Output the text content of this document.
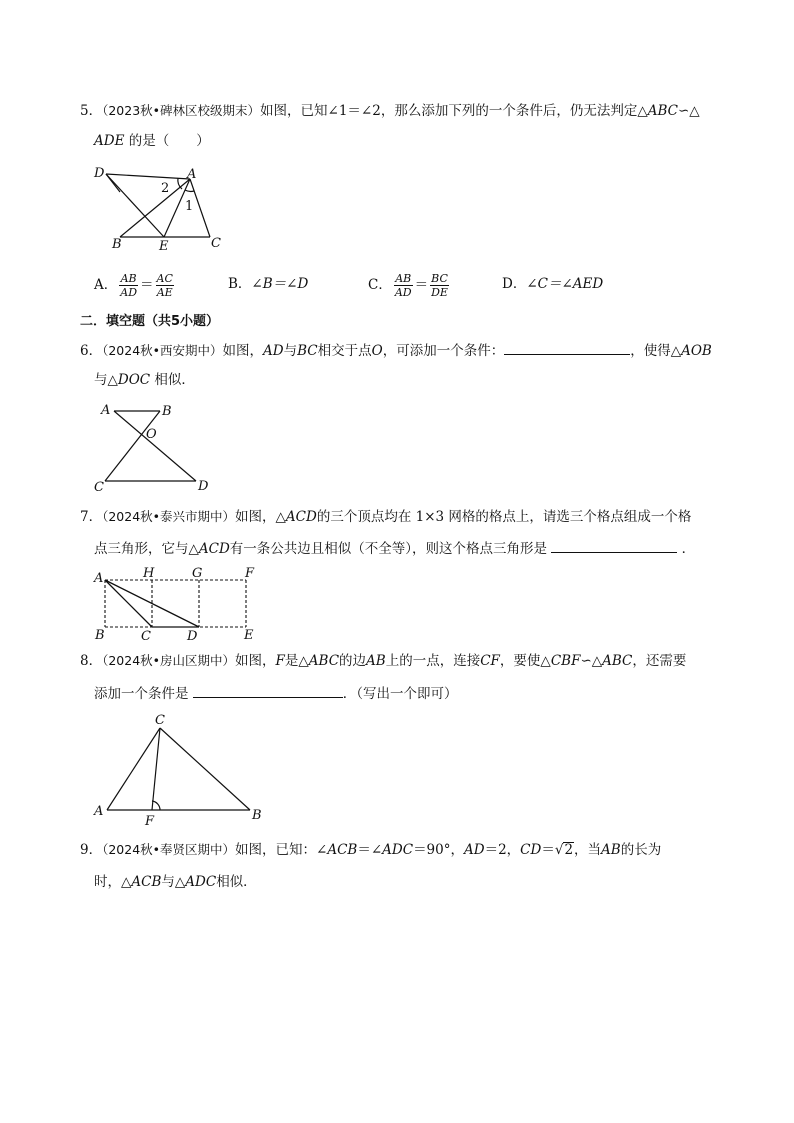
5．（2023秋•碑林区校级期末）如图，已知∠1＝∠2，那么添加下列的一个条件后，仍无法判定△ABC∽△
ADE 的是（　　）
D	A
2
1
B	E	C
A． $\frac{AB}{AD} = \frac{AC}{AE}$	B．∠B＝∠D	C． $\frac{AB}{AD} = \frac{BC}{DE}$	D．∠C＝∠AED
二．填空题（共5小题）
6．（2024秋•西安期中）如图，AD与BC相交于点O，可添加一个条件：	，使得△AOB
与△DOC 相似．
A	B
O
C	D
7．（2024秋•泰兴市期中）如图，△ACD的三个顶点均在 1×3 网格的格点上，请选三个格点组成一个格
点三角形，它与△ACD有一条公共边且相似（不全等），则这个格点三角形是	．
A	H	G	F
B	C	D	E
8．（2024秋•房山区期中）如图，F是△ABC的边AB上的一点，连接CF，要使△CBF∽△ABC，还需要
添加一个条件是	．（写出一个即可）
C
A	B
F
9．（2024秋•奉贤区期中）如图，已知：∠ACB＝∠ADC＝90°，AD＝2，CD＝√2，当AB的长为
时，△ACB与△ADC相似．
